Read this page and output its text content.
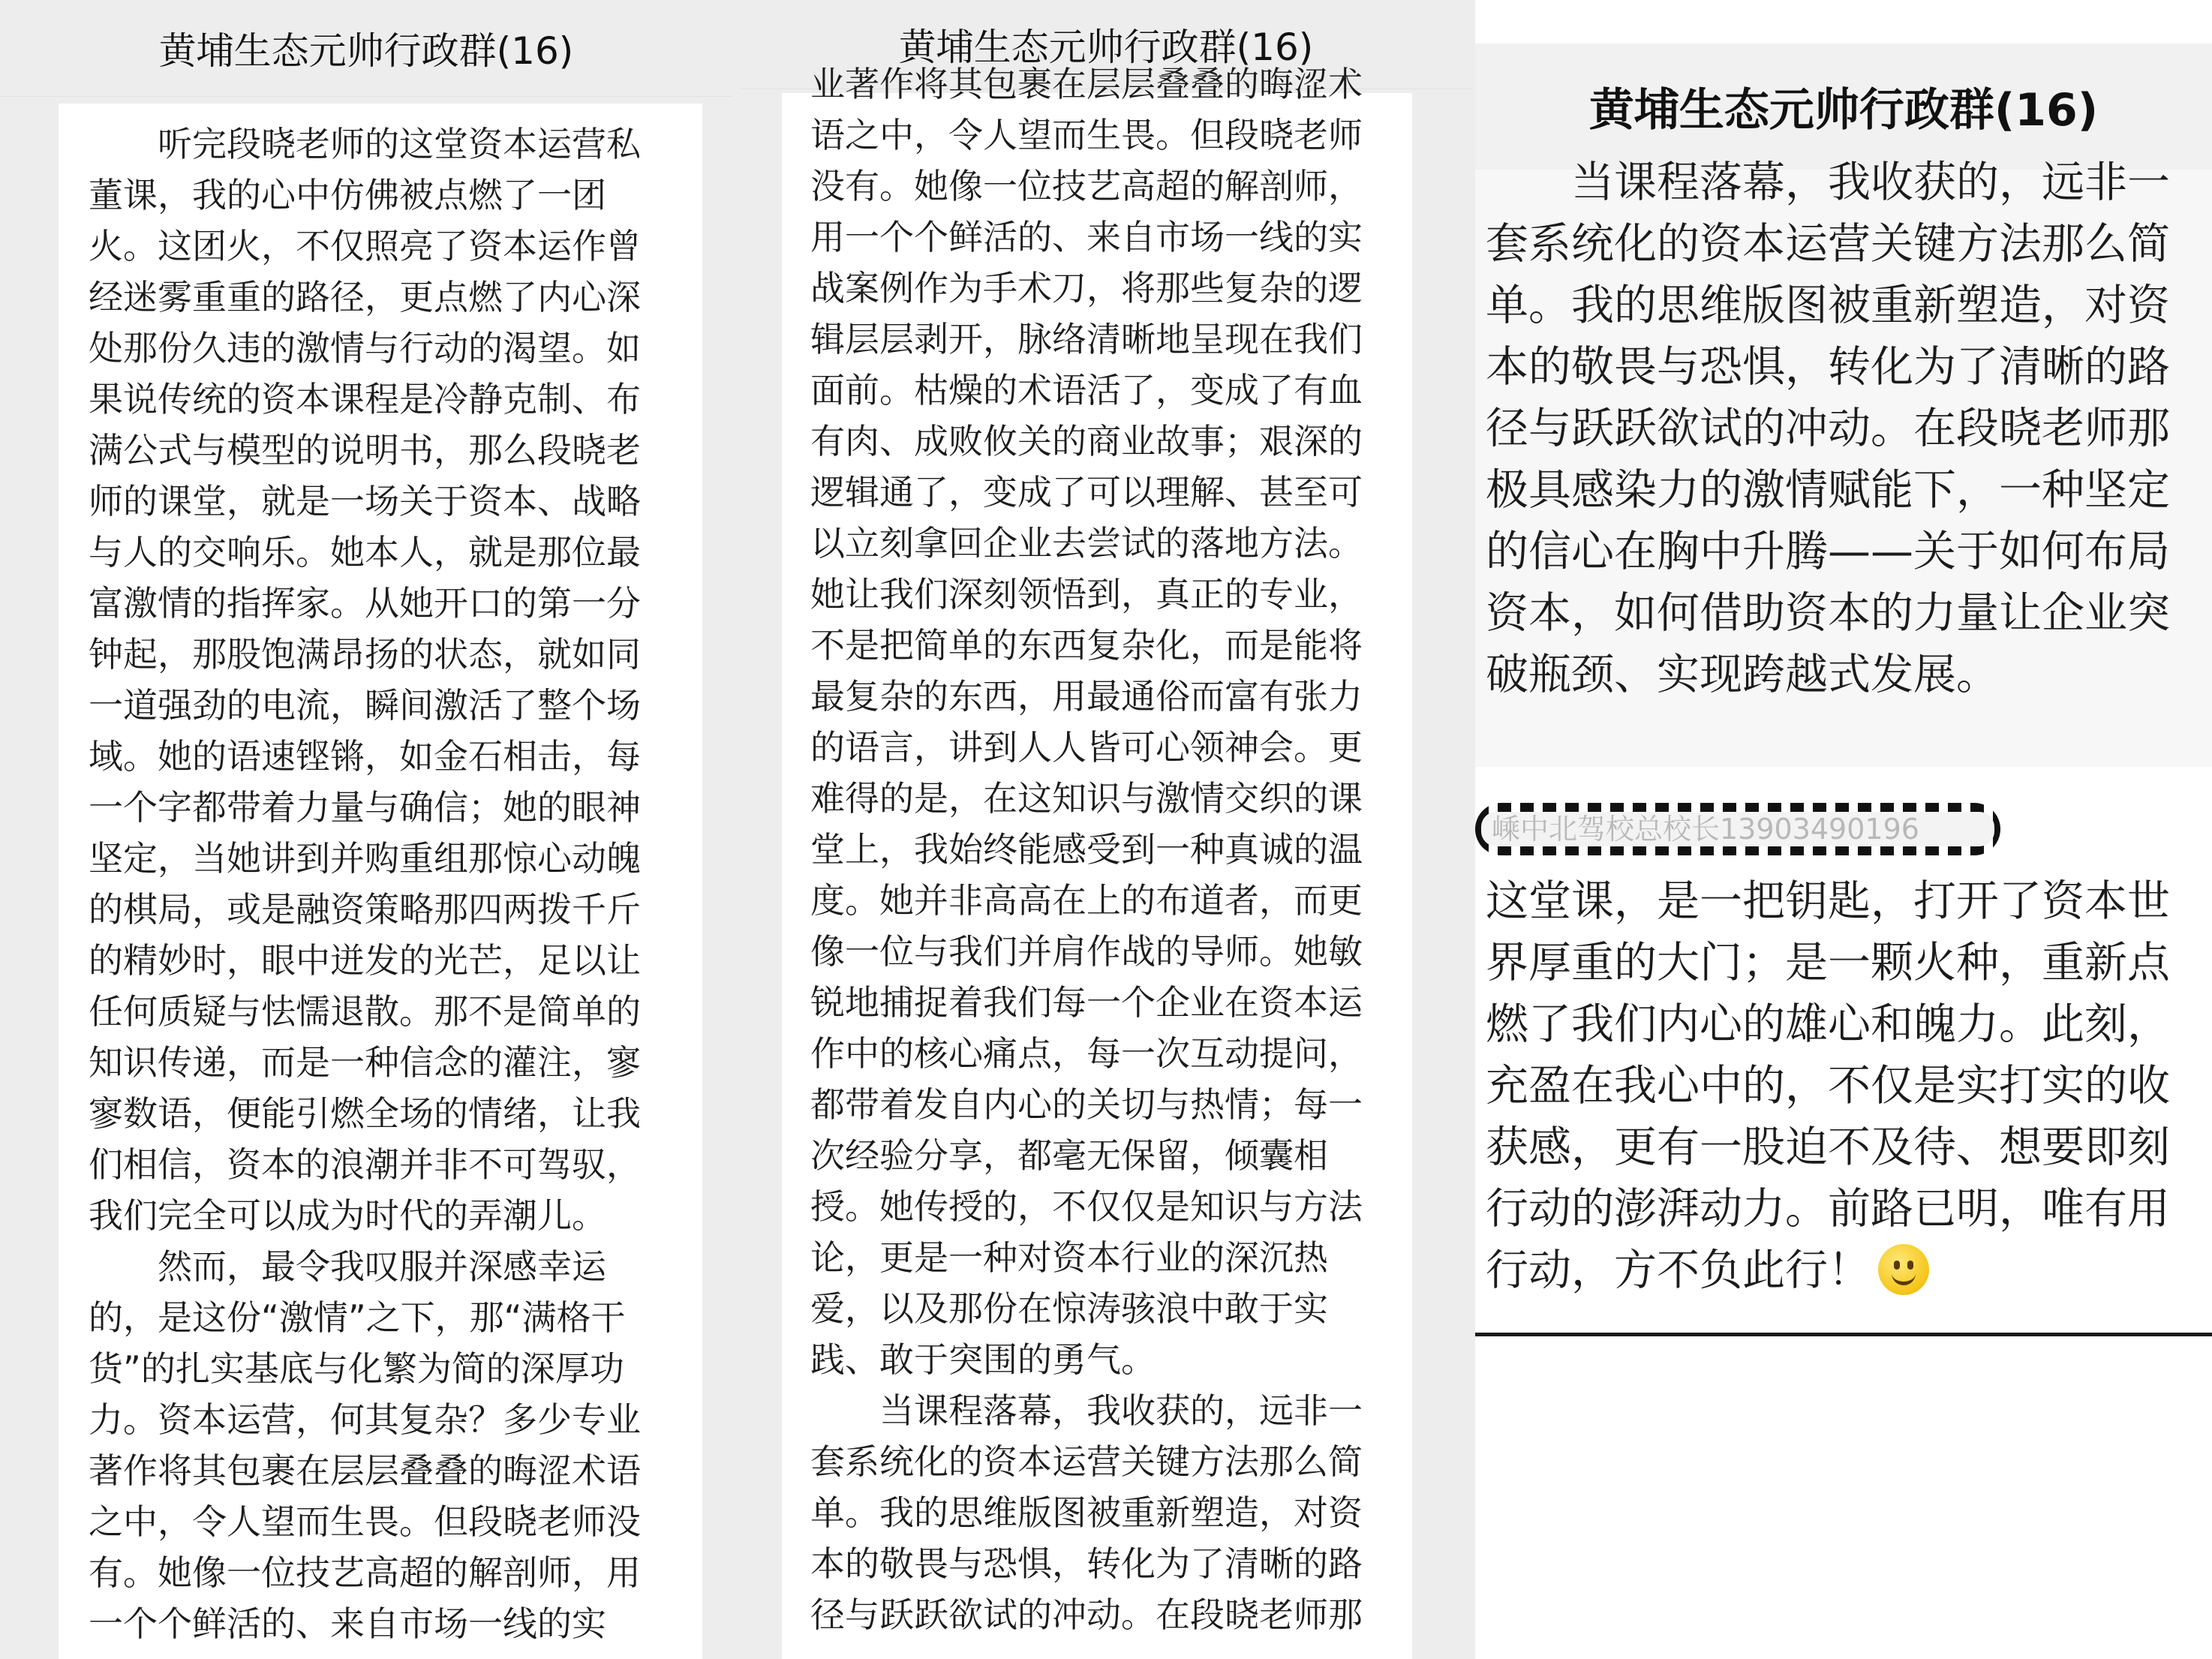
黄埔生态元帅行政群(16)

听完段晓老师的这堂资本运营私董课，我的心中仿佛被点燃了一团火。这团火，不仅照亮了资本运作曾经迷雾重重的路径，更点燃了内心深处那份久违的激情与行动的渴望。如果说传统的资本课程是冷静克制、布满公式与模型的说明书，那么段晓老师的课堂，就是一场关于资本、战略与人的交响乐。她本人，就是那位最富激情的指挥家。从她开口的第一分钟起，那股饱满昂扬的状态，就如同一道强劲的电流，瞬间激活了整个场域。她的语速铿锵，如金石相击，每一个字都带着力量与确信；她的眼神坚定，当她讲到并购重组那惊心动魄的棋局，或是融资策略那四两拨千斤的精妙时，眼中迸发的光芒，足以让任何质疑与怯懦退散。那不是简单的知识传递，而是一种信念的灌注，寥寥数语，便能引燃全场的情绪，让我们相信，资本的浪潮并非不可驾驭，我们完全可以成为时代的弄潮儿。

然而，最令我叹服并深感幸运的，是这份“激情”之下，那“满格干货”的扎实基底与化繁为简的深厚功力。资本运营，何其复杂？多少专业著作将其包裹在层层叠叠的晦涩术语之中，令人望而生畏。但段晓老师没有。她像一位技艺高超的解剖师，用一个个鲜活的、来自市场一线的实

黄埔生态元帅行政群(16)

业著作将其包裹在层层叠叠的晦涩术语之中，令人望而生畏。但段晓老师没有。她像一位技艺高超的解剖师，用一个个鲜活的、来自市场一线的实战案例作为手术刀，将那些复杂的逻辑层层剥开，脉络清晰地呈现在我们面前。枯燥的术语活了，变成了有血有肉、成败攸关的商业故事；艰深的逻辑通了，变成了可以理解、甚至可以立刻拿回企业去尝试的落地方法。她让我们深刻领悟到，真正的专业，不是把简单的东西复杂化，而是能将最复杂的东西，用最通俗而富有张力的语言，讲到人人皆可心领神会。更难得的是，在这知识与激情交织的课堂上，我始终能感受到一种真诚的温度。她并非高高在上的布道者，而更像一位与我们并肩作战的导师。她敏锐地捕捉着我们每一个企业在资本运作中的核心痛点，每一次互动提问，都带着发自内心的关切与热情；每一次经验分享，都毫无保留，倾囊相授。她传授的，不仅仅是知识与方法论，更是一种对资本行业的深沉热爱，以及那份在惊涛骇浪中敢于实践、敢于突围的勇气。

当课程落幕，我收获的，远非一套系统化的资本运营关键方法那么简单。我的思维版图被重新塑造，对资本的敬畏与恐惧，转化为了清晰的路径与跃跃欲试的冲动。在段晓老师那

黄埔生态元帅行政群(16)

当课程落幕，我收获的，远非一套系统化的资本运营关键方法那么简单。我的思维版图被重新塑造，对资本的敬畏与恐惧，转化为了清晰的路径与跃跃欲试的冲动。在段晓老师那极具感染力的激情赋能下，一种坚定的信心在胸中升腾——关于如何布局资本，如何借助资本的力量让企业突破瓶颈、实现跨越式发展。

嵊中北驾校总校长13903490196

这堂课，是一把钥匙，打开了资本世界厚重的大门；是一颗火种，重新点燃了我们内心的雄心和魄力。此刻，充盈在我心中的，不仅是实打实的收获感，更有一股迫不及待、想要即刻行动的澎湃动力。前路已明，唯有用行动，方不负此行！
